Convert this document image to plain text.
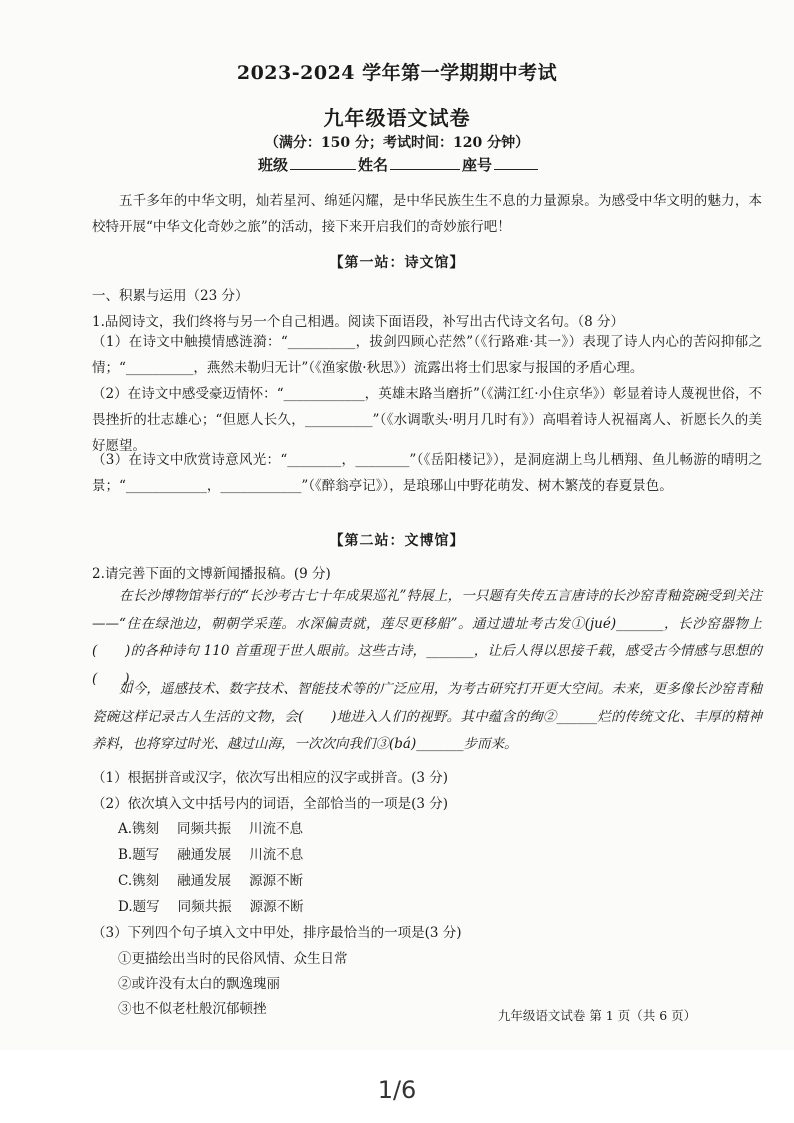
2023-2024 学年第一学期期中考试
九年级语文试卷
（满分：150 分；考试时间：120 分钟）
班级	姓名	座号
五千多年的中华文明，灿若星河、绵延闪耀，是中华民族生生不息的力量源泉。为感受中华文明的魅力，本校特开展“中华文化奇妙之旅”的活动，接下来开启我们的奇妙旅行吧！
【第一站：诗文馆】
一、积累与运用（23 分）
1.品阅诗文，我们终将与另一个自己相遇。阅读下面语段，补写出古代诗文名句。（8 分）
（1）在诗文中触摸情感涟漪：“__________，拔剑四顾心茫然”（《行路难·其一》）表现了诗人内心的苦闷抑郁之情；“__________，燕然未勒归无计”（《渔家傲·秋思》）流露出将士们思家与报国的矛盾心理。
（2）在诗文中感受豪迈情怀：“____________，英雄末路当磨折”（《满江红·小住京华》）彰显着诗人蔑视世俗，不畏挫折的壮志雄心；“但愿人长久，__________”（《水调歌头·明月几时有》）高唱着诗人祝福离人、祈愿长久的美好愿望。
（3）在诗文中欣赏诗意风光：“________，________”（《岳阳楼记》），是洞庭湖上鸟儿栖翔、鱼儿畅游的晴明之景；“____________，____________”（《醉翁亭记》），是琅琊山中野花萌发、树木繁茂的春夏景色。
【第二站：文博馆】
2.请完善下面的文博新闻播报稿。(9 分)
在长沙博物馆举行的“长沙考古七十年成果巡礼”特展上，一只题有失传五言唐诗的长沙窑青釉瓷碗受到关注——“住在绿池边，朝朝学采莲。水深偏责就，莲尽更移船”。通过遗址考古发①(jué)_______，长沙窑器物上(　　)的各种诗句 110 首重现于世人眼前。这些古诗，_______，让后人得以思接千载，感受古今情感与思想的(　　)。
如今，遥感技术、数字技术、智能技术等的广泛应用，为考古研究打开更大空间。未来，更多像长沙窑青釉瓷碗这样记录古人生活的文物，会(　　)地进入人们的视野。其中蕴含的绚②______烂的传统文化、丰厚的精神养料，也将穿过时光、越过山海，一次次向我们③(bá)_______步而来。
（1）根据拼音或汉字，依次写出相应的汉字或拼音。(3 分)
（2）依次填入文中括号内的词语，全部恰当的一项是(3 分)
A.镌刻 同频共振 川流不息
B.题写 融通发展 川流不息
C.镌刻 融通发展 源源不断
D.题写 同频共振 源源不断
（3）下列四个句子填入文中甲处，排序最恰当的一项是(3 分)
①更描绘出当时的民俗风情、众生日常
②或许没有太白的飘逸瑰丽
③也不似老杜般沉郁顿挫	九年级语文试卷 第 1 页（共 6 页）
1/6
